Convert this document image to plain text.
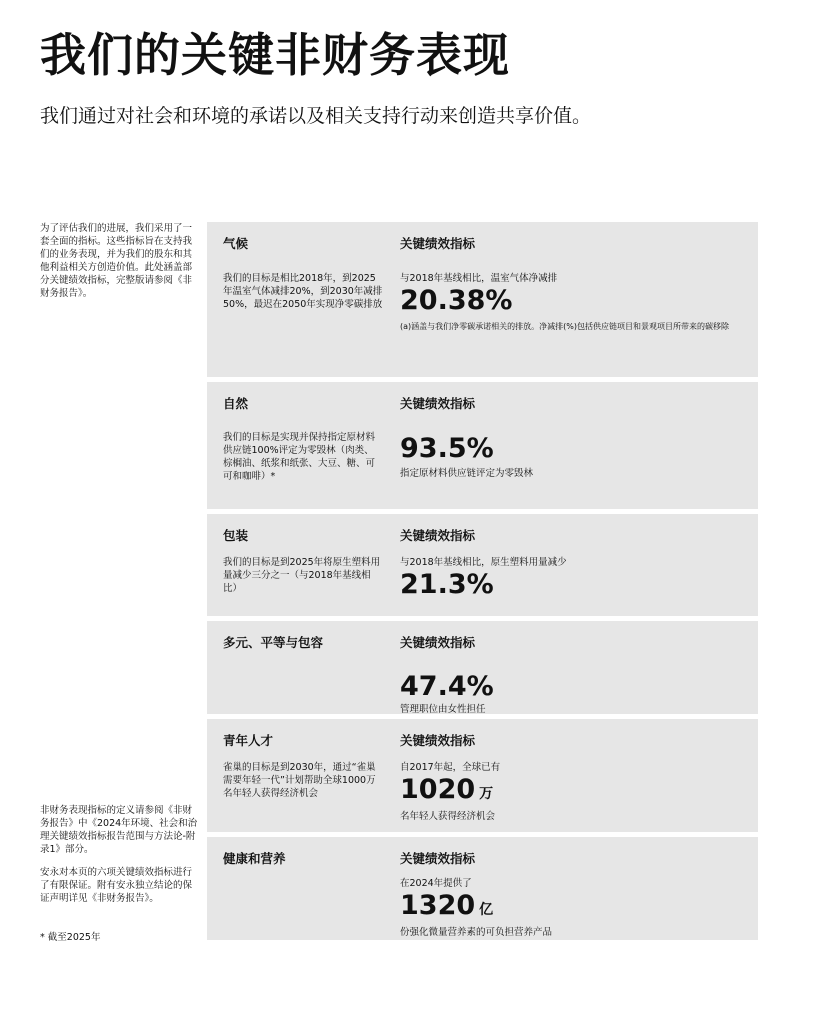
我们的关键非财务表现

我们通过对社会和环境的承诺以及相关支持行动来创造共享价值。

为了评估我们的进展，我们采用了一套全面的指标。这些指标旨在支持我们的业务表现，并为我们的股东和其他利益相关方创造价值。此处涵盖部分关键绩效指标，完整版请参阅《非财务报告》。

非财务表现指标的定义请参阅《非财务报告》中《2024年环境、社会和治理关键绩效指标报告范围与方法论-附录1》部分。

安永对本页的六项关键绩效指标进行了有限保证。附有安永独立结论的保证声明详见《非财务报告》。

* 截至2025年

气候

我们的目标是相比2018年，到2025年温室气体减排20%，到2030年减排50%，最迟在2050年实现净零碳排放

关键绩效指标

与2018年基线相比，温室气体净减排

20.38%

(a)涵盖与我们净零碳承诺相关的排放。净减排(%)包括供应链项目和景观项目所带来的碳移除

自然

我们的目标是实现并保持指定原材料供应链100%评定为零毁林（肉类、棕榈油、纸浆和纸张、大豆、糖、可可和咖啡）*

关键绩效指标

93.5%

指定原材料供应链评定为零毁林

包装

我们的目标是到2025年将原生塑料用量减少三分之一（与2018年基线相比）

关键绩效指标

与2018年基线相比，原生塑料用量减少

21.3%

多元、平等与包容	关键绩效指标

47.4%

管理职位由女性担任

青年人才

雀巢的目标是到2030年，通过“雀巢需要年轻一代”计划帮助全球1000万名年轻人获得经济机会

关键绩效指标

自2017年起，全球已有

1020 万

名年轻人获得经济机会

健康和营养	关键绩效指标

在2024年提供了

1320 亿

份强化微量营养素的可负担营养产品
